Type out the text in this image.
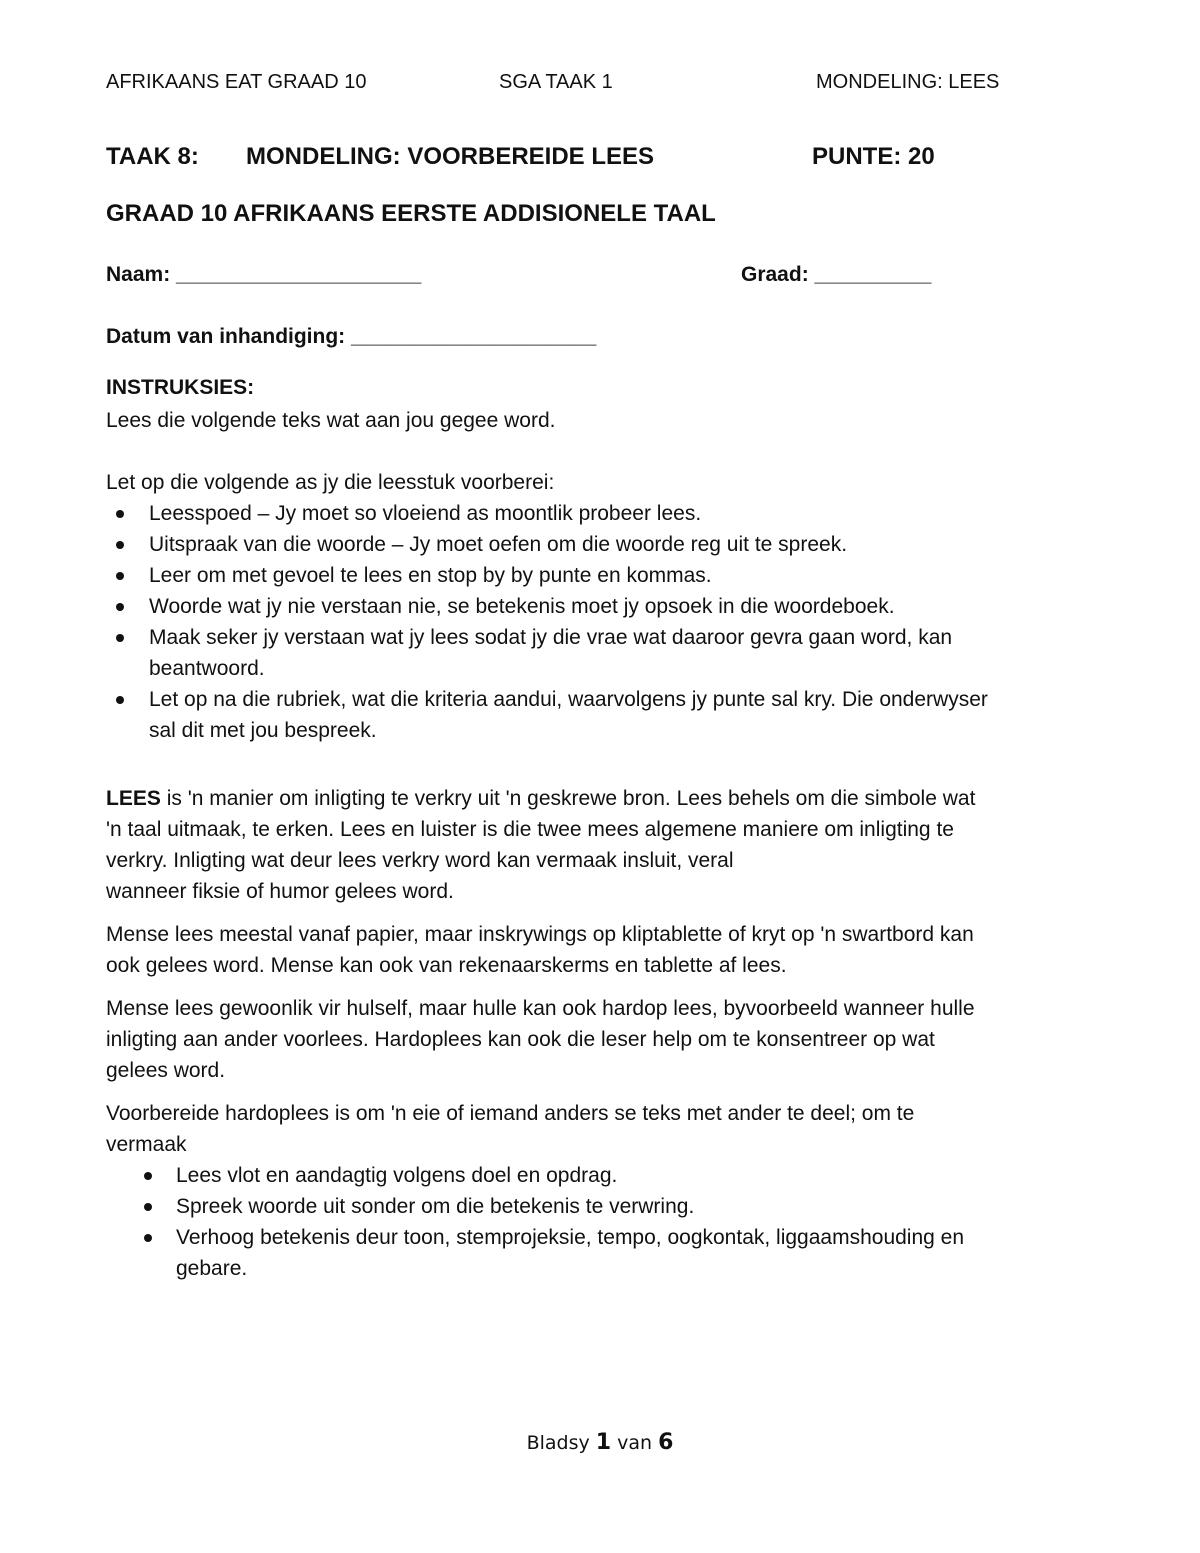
AFRIKAANS EAT GRAAD 10	SGA TAAK 1	MONDELING: LEES
TAAK 8: MONDELING: VOORBEREIDE LEES	PUNTE: 20
GRAAD 10 AFRIKAANS EERSTE ADDISIONELE TAAL
Naam: _____________________	Graad: __________
Datum van inhandiging: _____________________
INSTRUKSIES:
Lees die volgende teks wat aan jou gegee word.
Let op die volgende as jy die leesstuk voorberei:
Leesspoed – Jy moet so vloeiend as moontlik probeer lees.
Uitspraak van die woorde – Jy moet oefen om die woorde reg uit te spreek.
Leer om met gevoel te lees en stop by by punte en kommas.
Woorde wat jy nie verstaan nie, se betekenis moet jy opsoek in die woordeboek.
Maak seker jy verstaan wat jy lees sodat jy die vrae wat daaroor gevra gaan word, kan
beantwoord.
Let op na die rubriek, wat die kriteria aandui, waarvolgens jy punte sal kry. Die onderwyser
sal dit met jou bespreek.
LEES is 'n manier om inligting te verkry uit 'n geskrewe bron. Lees behels om die simbole wat
'n taal uitmaak, te erken. Lees en luister is die twee mees algemene maniere om inligting te
verkry. Inligting wat deur lees verkry word kan vermaak insluit, veral
wanneer fiksie of humor gelees word.
Mense lees meestal vanaf papier, maar inskrywings op kliptablette of kryt op 'n swartbord kan
ook gelees word. Mense kan ook van rekenaarskerms en tablette af lees.
Mense lees gewoonlik vir hulself, maar hulle kan ook hardop lees, byvoorbeeld wanneer hulle
inligting aan ander voorlees. Hardoplees kan ook die leser help om te konsentreer op wat
gelees word.
Voorbereide hardoplees is om 'n eie of iemand anders se teks met ander te deel; om te
vermaak
Lees vlot en aandagtig volgens doel en opdrag.
Spreek woorde uit sonder om die betekenis te verwring.
Verhoog betekenis deur toon, stemprojeksie, tempo, oogkontak, liggaamshouding en
gebare.
Bladsy 1 van 6
